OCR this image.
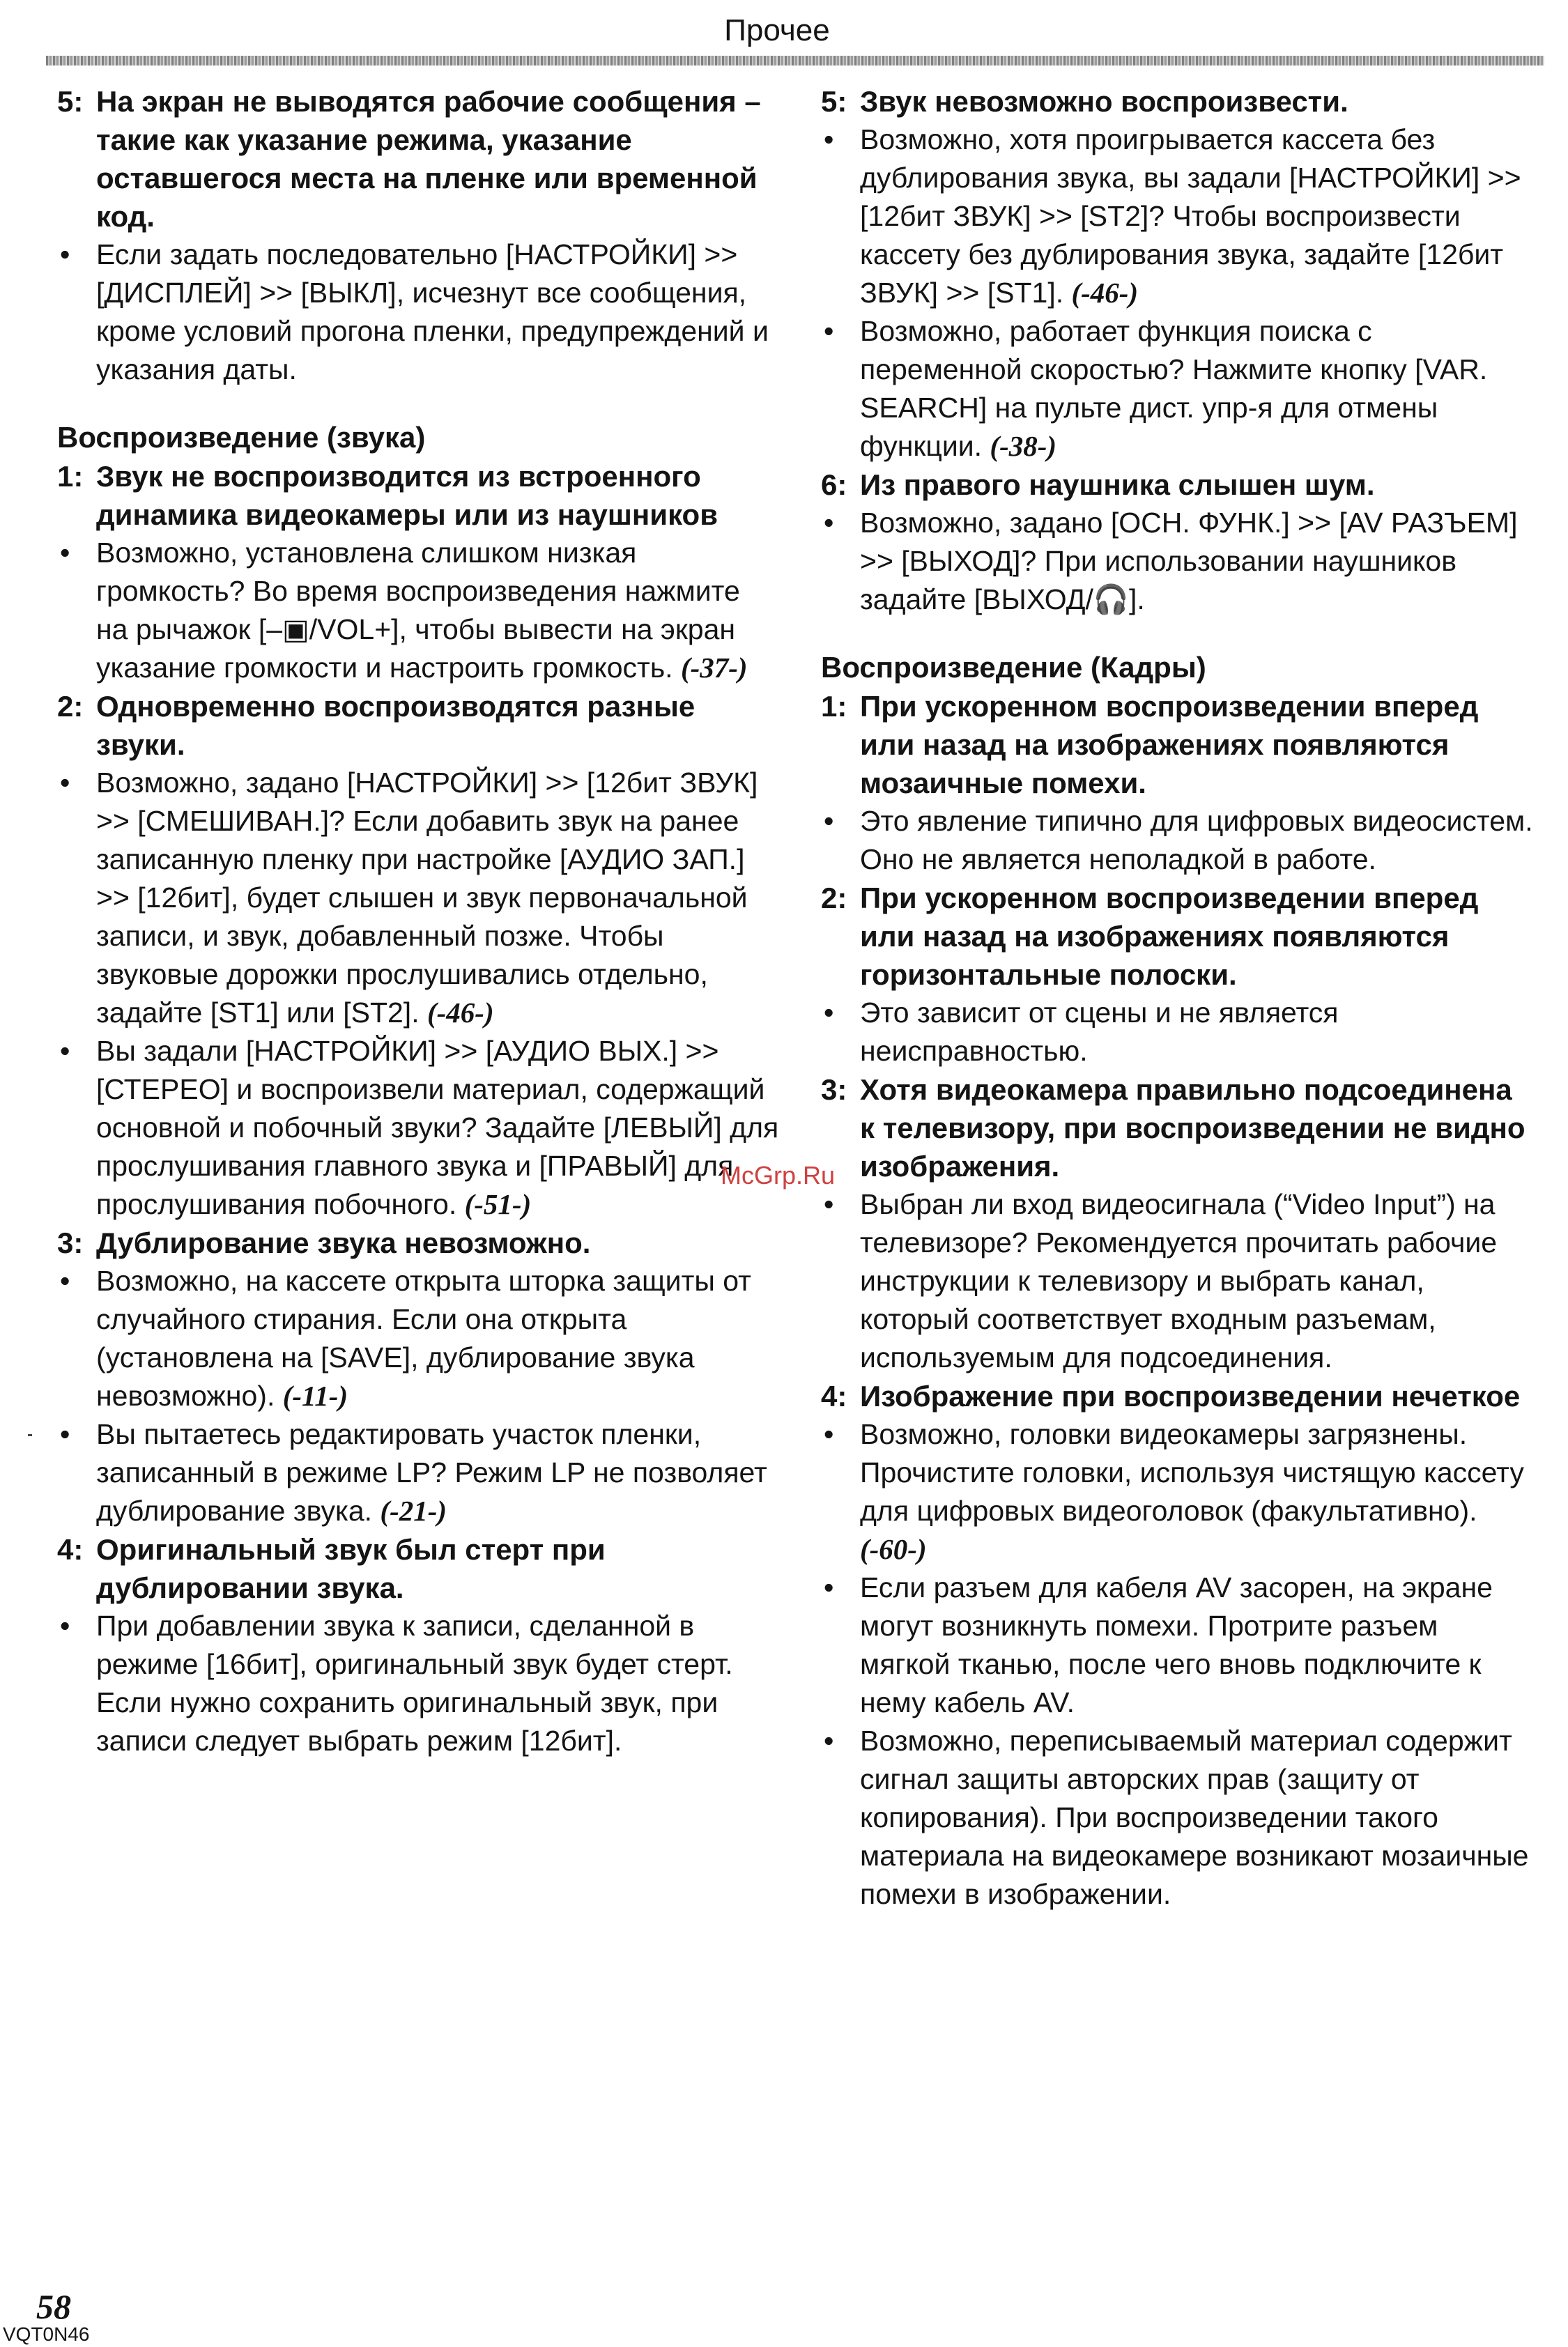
Прочее
5: На экран не выводятся рабочие сообщения – такие как указание режима, указание оставшегося места на пленке или временной код.
• Если задать последовательно [НАСТРОЙКИ] >> [ДИСПЛЕЙ] >> [ВЫКЛ], исчезнут все сообщения, кроме условий прогона пленки, предупреждений и указания даты.
Воспроизведение (звука)
1: Звук не воспроизводится из встроенного динамика видеокамеры или из наушников
• Возможно, установлена слишком низкая громкость? Во время воспроизведения нажмите на рычажок [–▣/VOL+], чтобы вывести на экран указание громкости и настроить громкость. (-37-)
2: Одновременно воспроизводятся разные звуки.
• Возможно, задано [НАСТРОЙКИ] >> [12бит ЗВУК] >> [СМЕШИВАН.]? Если добавить звук на ранее записанную пленку при настройке [АУДИО ЗАП.] >> [12бит], будет слышен и звук первоначальной записи, и звук, добавленный позже. Чтобы звуковые дорожки прослушивались отдельно, задайте [ST1] или [ST2]. (-46-)
• Вы задали [НАСТРОЙКИ] >> [АУДИО ВЫХ.] >> [СТЕРЕО] и воспроизвели материал, содержащий основной и побочный звуки? Задайте [ЛЕВЫЙ] для прослушивания главного звука и [ПРАВЫЙ] для прослушивания побочного. (-51-)
3: Дублирование звука невозможно.
• Возможно, на кассете открыта шторка защиты от случайного стирания. Если она открыта (установлена на [SAVE], дублирование звука невозможно). (-11-)
• Вы пытаетесь редактировать участок пленки, записанный в режиме LP? Режим LP не позволяет дублирование звука. (-21-)
4: Оригинальный звук был стерт при дублировании звука.
• При добавлении звука к записи, сделанной в режиме [16бит], оригинальный звук будет стерт. Если нужно сохранить оригинальный звук, при записи следует выбрать режим [12бит].
5: Звук невозможно воспроизвести.
• Возможно, хотя проигрывается кассета без дублирования звука, вы задали [НАСТРОЙКИ] >> [12бит ЗВУК] >> [ST2]? Чтобы воспроизвести кассету без дублирования звука, задайте [12бит ЗВУК] >> [ST1]. (-46-)
• Возможно, работает функция поиска с переменной скоростью? Нажмите кнопку [VAR. SEARCH] на пульте дист. упр-я для отмены функции. (-38-)
6: Из правого наушника слышен шум.
• Возможно, задано [ОСН. ФУНК.] >> [AV РАЗЪЕМ] >> [ВЫХОД]? При использовании наушников задайте [ВЫХОД/🎧].
Воспроизведение (Кадры)
1: При ускоренном воспроизведении вперед или назад на изображениях появляются мозаичные помехи.
• Это явление типично для цифровых видеосистем. Оно не является неполадкой в работе.
2: При ускоренном воспроизведении вперед или назад на изображениях появляются горизонтальные полоски.
• Это зависит от сцены и не является неисправностью.
3: Хотя видеокамера правильно подсоединена к телевизору, при воспроизведении не видно изображения.
• Выбран ли вход видеосигнала (“Video Input”) на телевизоре? Рекомендуется прочитать рабочие инструкции к телевизору и выбрать канал, который соответствует входным разъемам, используемым для подсоединения.
4: Изображение при воспроизведении нечеткое
• Возможно, головки видеокамеры загрязнены. Прочистите головки, используя чистящую кассету для цифровых видеоголовок (факультативно). (-60-)
• Если разъем для кабеля AV засорен, на экране могут возникнуть помехи. Протрите разъем мягкой тканью, после чего вновь подключите к нему кабель AV.
• Возможно, переписываемый материал содержит сигнал защиты авторских прав (защиту от копирования). При воспроизведении такого материала на видеокамере возникают мозаичные помехи в изображении.
McGrp.Ru
58
VQT0N46
